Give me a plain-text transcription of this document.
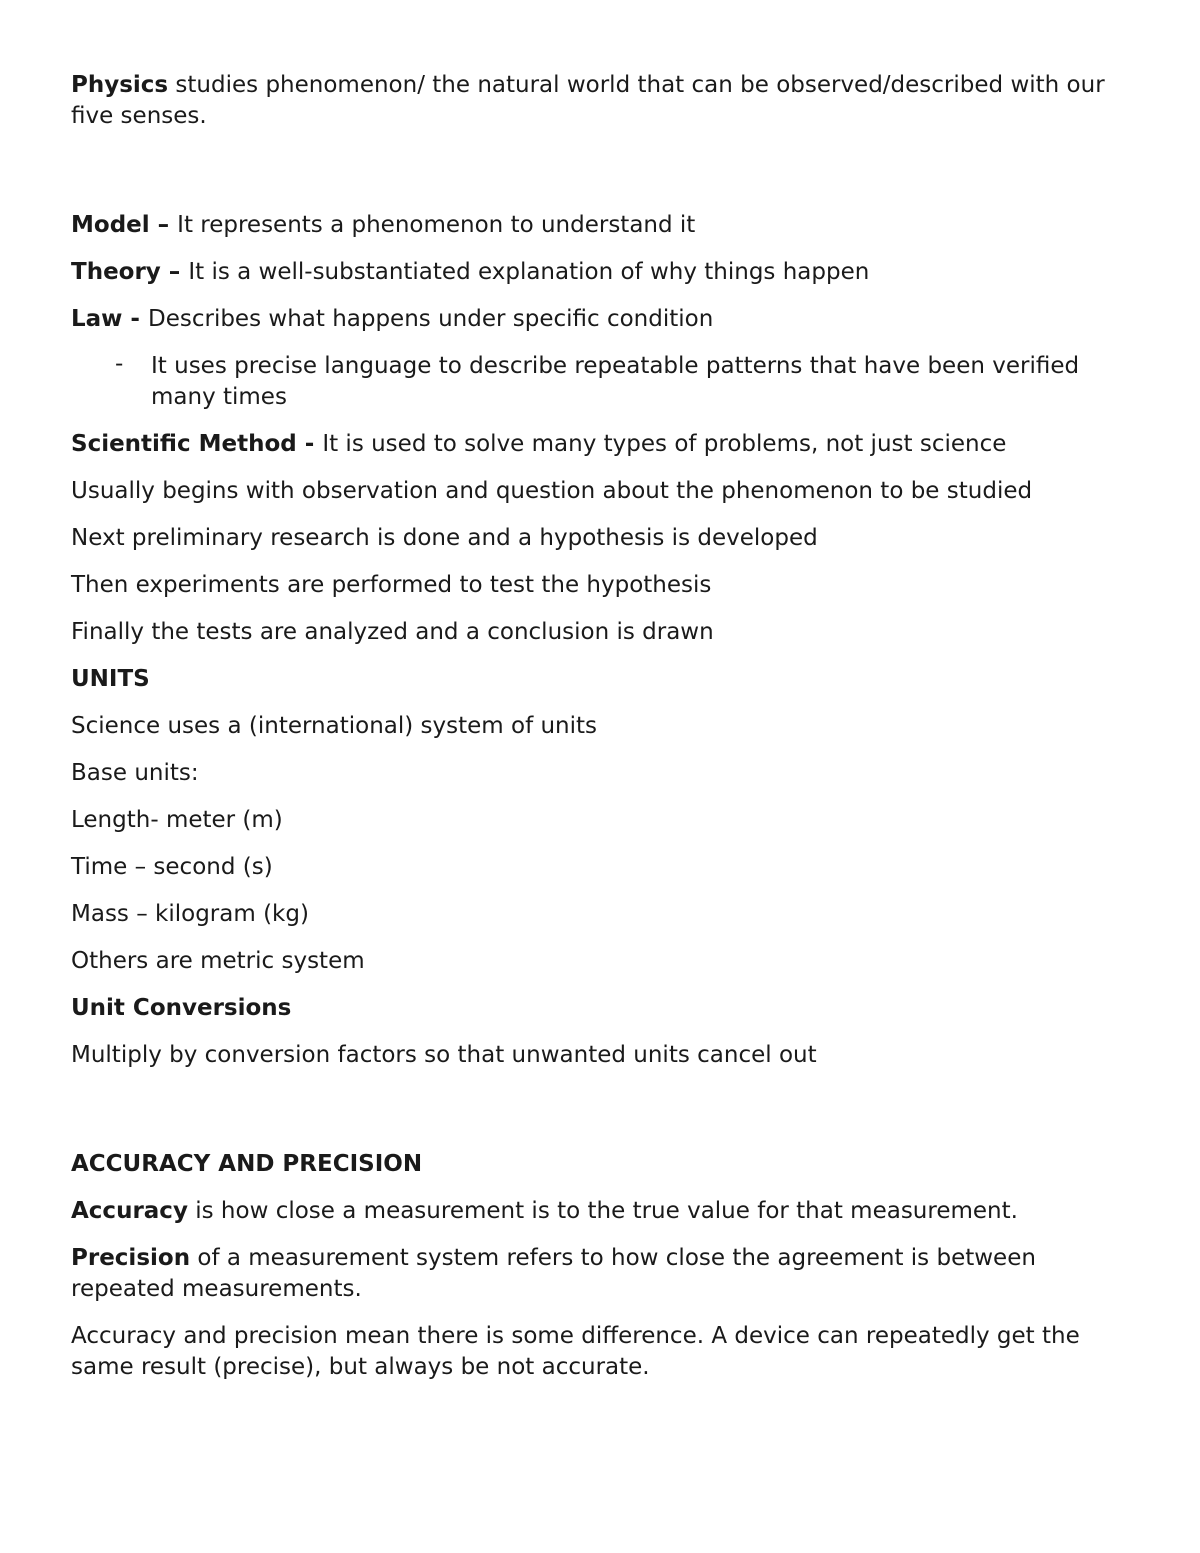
Physics studies phenomenon/ the natural world that can be observed/described with our five senses.

Model – It represents a phenomenon to understand it

Theory – It is a well-substantiated explanation of why things happen

Law - Describes what happens under specific condition

- It uses precise language to describe repeatable patterns that have been verified many times

Scientific Method - It is used to solve many types of problems, not just science

Usually begins with observation and question about the phenomenon to be studied

Next preliminary research is done and a hypothesis is developed

Then experiments are performed to test the hypothesis

Finally the tests are analyzed and a conclusion is drawn

UNITS

Science uses a (international) system of units

Base units:

Length- meter (m)

Time – second (s)

Mass – kilogram (kg)

Others are metric system

Unit Conversions

Multiply by conversion factors so that unwanted units cancel out

ACCURACY AND PRECISION

Accuracy is how close a measurement is to the true value for that measurement.

Precision of a measurement system refers to how close the agreement is between repeated measurements.

Accuracy and precision mean there is some difference. A device can repeatedly get the same result (precise), but always be not accurate.
